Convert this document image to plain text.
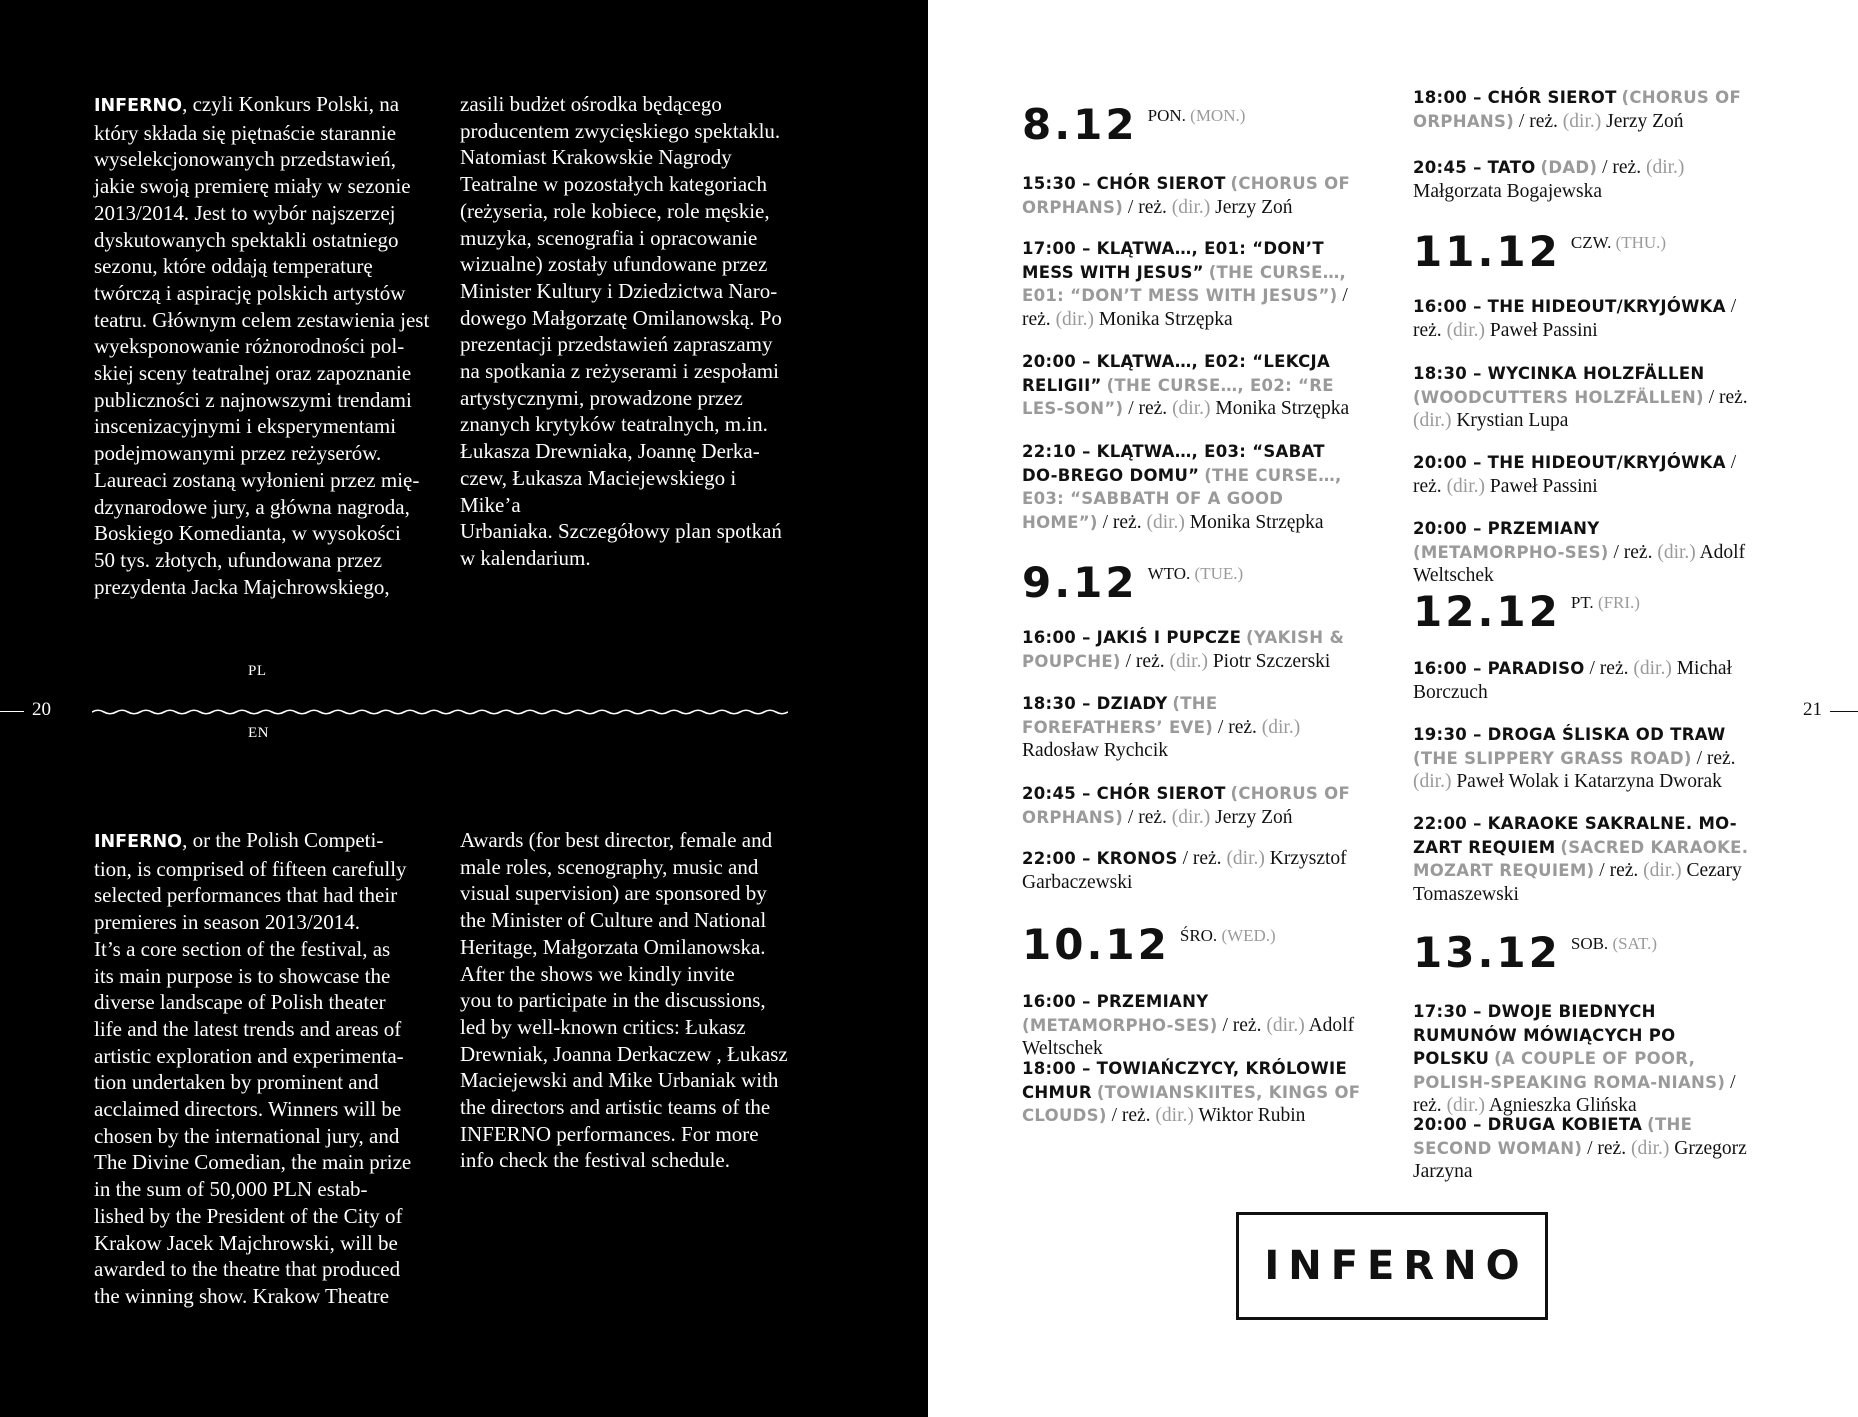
INFERNO, czyli Konkurs Polski, na
który składa się piętnaście starannie
wyselekcjonowanych przedstawień,
jakie swoją premierę miały w sezonie
2013/2014. Jest to wybór najszerzej
dyskutowanych spektakli ostatniego
sezonu, które oddają temperaturę
twórczą i aspirację polskich artystów
teatru. Głównym celem zestawienia jest
wyeksponowanie różnorodności pol-
skiej sceny teatralnej oraz zapoznanie
publiczności z najnowszymi trendami
inscenizacyjnymi i eksperymentami
podejmowanymi przez reżyserów.
Laureaci zostaną wyłonieni przez mię-
dzynarodowe jury, a główna nagroda,
Boskiego Komedianta, w wysokości
50 tys. złotych, ufundowana przez
prezydenta Jacka Majchrowskiego,
zasili budżet ośrodka będącego
producentem zwycięskiego spektaklu.
Natomiast Krakowskie Nagrody
Teatralne w pozostałych kategoriach
(reżyseria, role kobiece, role męskie,
muzyka, scenografia i opracowanie
wizualne) zostały ufundowane przez
Minister Kultury i Dziedzictwa Naro-
dowego Małgorzatę Omilanowską. Po
prezentacji przedstawień zapraszamy
na spotkania z reżyserami i zespołami
artystycznymi, prowadzone przez
znanych krytyków teatralnych, m.in.
Łukasza Drewniaka, Joannę Derka-
czew, Łukasza Maciejewskiego i Mike’a
Urbaniaka. Szczegółowy plan spotkań
w kalendarium.
PL
EN
INFERNO, or the Polish Competi-
tion, is comprised of fifteen carefully
selected performances that had their
premieres in season 2013/2014.
It’s a core section of the festival, as
its main purpose is to showcase the
diverse landscape of Polish theater
life and the latest trends and areas of
artistic exploration and experimenta-
tion undertaken by prominent and
acclaimed directors. Winners will be
chosen by the international jury, and
The Divine Comedian, the main prize
in the sum of 50,000 PLN estab-
lished by the President of the City of
Krakow Jacek Majchrowski, will be
awarded to the theatre that produced
the winning show. Krakow Theatre
Awards (for best director, female and
male roles, scenography, music and
visual supervision) are sponsored by
the Minister of Culture and National
Heritage, Małgorzata Omilanowska.
After the shows we kindly invite
you to participate in the discussions,
led by well-known critics: Łukasz
Drewniak, Joanna Derkaczew , Łukasz
Maciejewski and Mike Urbaniak with
the directors and artistic teams of the
INFERNO performances. For more
info check the festival schedule.
20	21
8.12 PON. (MON.)
9.12 WTO. (TUE.)
10.12 ŚRO. (WED.)
11.12 CZW. (THU.)
12.12 PT. (FRI.)
13.12 SOB. (SAT.)
15:30 – CHÓR SIEROT (CHORUS OF ORPHANS) / reż. (dir.) Jerzy Zoń
17:00 – KLĄTWA…, E01: “DON’T MESS WITH JESUS” (THE CURSE…, E01: “DON’T MESS WITH JESUS”) / reż. (dir.) Monika Strzępka
20:00 – KLĄTWA…, E02: “LEKCJA RELIGII” (THE CURSE…, E02: “RE LES-SON”) / reż. (dir.) Monika Strzępka
22:10 – KLĄTWA…, E03: “SABAT DO-BREGO DOMU” (THE CURSE…, E03: “SABBATH OF A GOOD HOME”) / reż. (dir.) Monika Strzępka
16:00 – JAKIŚ I PUPCZE (YAKISH & POUPCHE) / reż. (dir.) Piotr Szczerski
18:30 – DZIADY (THE FOREFATHERS’ EVE) / reż. (dir.) Radosław Rychcik
20:45 – CHÓR SIEROT (CHORUS OF ORPHANS) / reż. (dir.) Jerzy Zoń
22:00 – KRONOS / reż. (dir.) Krzysztof Garbaczewski
16:00 – PRZEMIANY (METAMORPHO-SES) / reż. (dir.) Adolf Weltschek
18:00 – TOWIAŃCZYCY, KRÓLOWIE CHMUR (TOWIANSKIITES, KINGS OF CLOUDS) / reż. (dir.) Wiktor Rubin
18:00 – CHÓR SIEROT (CHORUS OF ORPHANS) / reż. (dir.) Jerzy Zoń
20:45 – TATO (DAD) / reż. (dir.) Małgorzata Bogajewska
16:00 – THE HIDEOUT/KRYJÓWKA / reż. (dir.) Paweł Passini
18:30 – WYCINKA HOLZFÄLLEN (WOODCUTTERS HOLZFÄLLEN) / reż. (dir.) Krystian Lupa
20:00 – THE HIDEOUT/KRYJÓWKA / reż. (dir.) Paweł Passini
20:00 – PRZEMIANY (METAMORPHO-SES) / reż. (dir.) Adolf Weltschek
16:00 – PARADISO / reż. (dir.) Michał Borczuch
19:30 – DROGA ŚLISKA OD TRAW (THE SLIPPERY GRASS ROAD) / reż. (dir.) Paweł Wolak i Katarzyna Dworak
22:00 – KARAOKE SAKRALNE. MO-ZART REQUIEM (SACRED KARAOKE. MOZART REQUIEM) / reż. (dir.) Cezary Tomaszewski
17:30 – DWOJE BIEDNYCH RUMUNÓW MÓWIĄCYCH PO POLSKU (A COUPLE OF POOR, POLISH-SPEAKING ROMA-NIANS) / reż. (dir.) Agnieszka Glińska
20:00 – DRUGA KOBIETA (THE SECOND WOMAN) / reż. (dir.) Grzegorz Jarzyna
INFERNO
